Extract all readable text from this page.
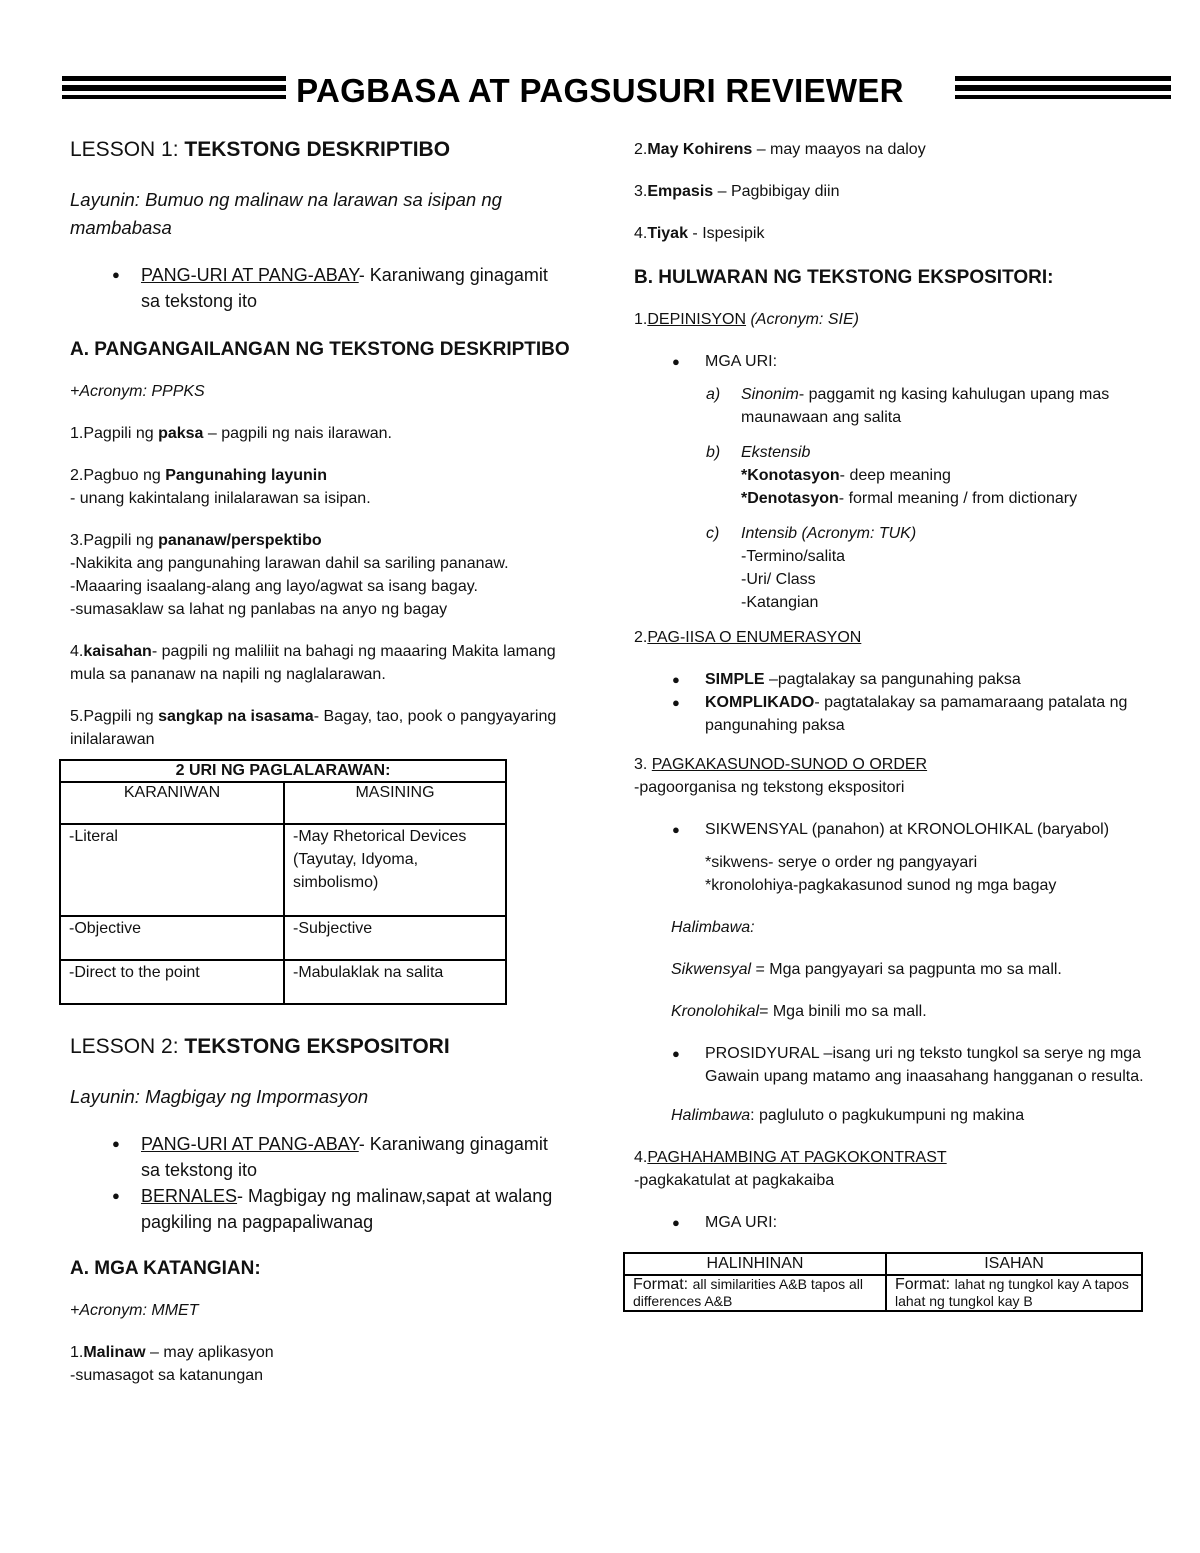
PAGBASA AT PAGSUSURI REVIEWER
LESSON 1: TEKSTONG DESKRIPTIBO

Layunin: Bumuo ng malinaw na larawan sa isipan ng mambabasa

● PANG-URI AT PANG-ABAY- Karaniwang ginagamit sa tekstong ito

A. PANGANGAILANGAN NG TEKSTONG DESKRIPTIBO

+Acronym: PPPKS

1.Pagpili ng paksa – pagpili ng nais ilarawan.

2.Pagbuo ng Pangunahing layunin

- unang kakintalang inilalarawan sa isipan.

3.Pagpili ng pananaw/perspektibo

-Nakikita ang pangunahing larawan dahil sa sariling pananaw.

-Maaaring isaalang-alang ang layo/agwat sa isang bagay.

-sumasaklaw sa lahat ng panlabas na anyo ng bagay

4.kaisahan- pagpili ng maliliit na bahagi ng maaaring Makita lamang mula sa pananaw na napili ng naglalarawan.

5.Pagpili ng sangkap na isasama- Bagay, tao, pook o pangyayaring inilalarawan

2 URI NG PAGLALARAWAN:	
KARANIWAN	MASINING
-Literal	-May Rhetorical Devices (Tayutay, Idyoma, simbolismo)
-Objective	-Subjective
-Direct to the point	-Mabulaklak na salita
LESSON 2: TEKSTONG EKSPOSITORI

Layunin: Magbigay ng Impormasyon

● PANG-URI AT PANG-ABAY- Karaniwang ginagamit sa tekstong ito
● BERNALES- Magbigay ng malinaw,sapat at walang pagkiling na pagpapaliwanag

A. MGA KATANGIAN:

+Acronym: MMET

1.Malinaw – may aplikasyon

-sumasagot sa katanungan

2.May Kohirens – may maayos na daloy

3.Empasis – Pagbibigay diin

4.Tiyak - Ispesipik

B. HULWARAN NG TEKSTONG EKSPOSITORI:

1.DEPINISYON (Acronym: SIE)

● MGA URI:
a) Sinonim- paggamit ng kasing kahulugan upang mas maunawaan ang salita

b) Ekstensib

*Konotasyon- deep meaning

*Denotasyon- formal meaning / from dictionary

c) Intensib (Acronym: TUK)

-Termino/salita

-Uri/ Class

-Katangian

2.PAG-IISA O ENUMERASYON

● SIMPLE –pagtalakay sa pangunahing paksa
● KOMPLIKADO- pagtatalakay sa pamamaraang patalata ng pangunahing paksa

3. PAGKAKASUNOD-SUNOD O ORDER

-pagoorganisa ng tekstong ekspositori

● SIKWENSYAL (panahon) at KRONOLOHIKAL (baryabol)

*sikwens- serye o order ng pangyayari

*kronolohiya-pagkakasunod sunod ng mga bagay

Halimbawa:

Sikwensyal = Mga pangyayari sa pagpunta mo sa mall.

Kronolohikal= Mga binili mo sa mall.

● PROSIDYURAL –isang uri ng teksto tungkol sa serye ng mga Gawain upang matamo ang inaasahang hangganan o resulta.

Halimbawa: pagluluto o pagkukumpuni ng makina

4.PAGHAHAMBING AT PAGKOKONTRAST

-pagkakatulat at pagkakaiba

● MGA URI:
HALINHINAN	ISAHAN
Format: all similarities A&B tapos all differences A&B	Format: lahat ng tungkol kay A tapos lahat ng tungkol kay B
